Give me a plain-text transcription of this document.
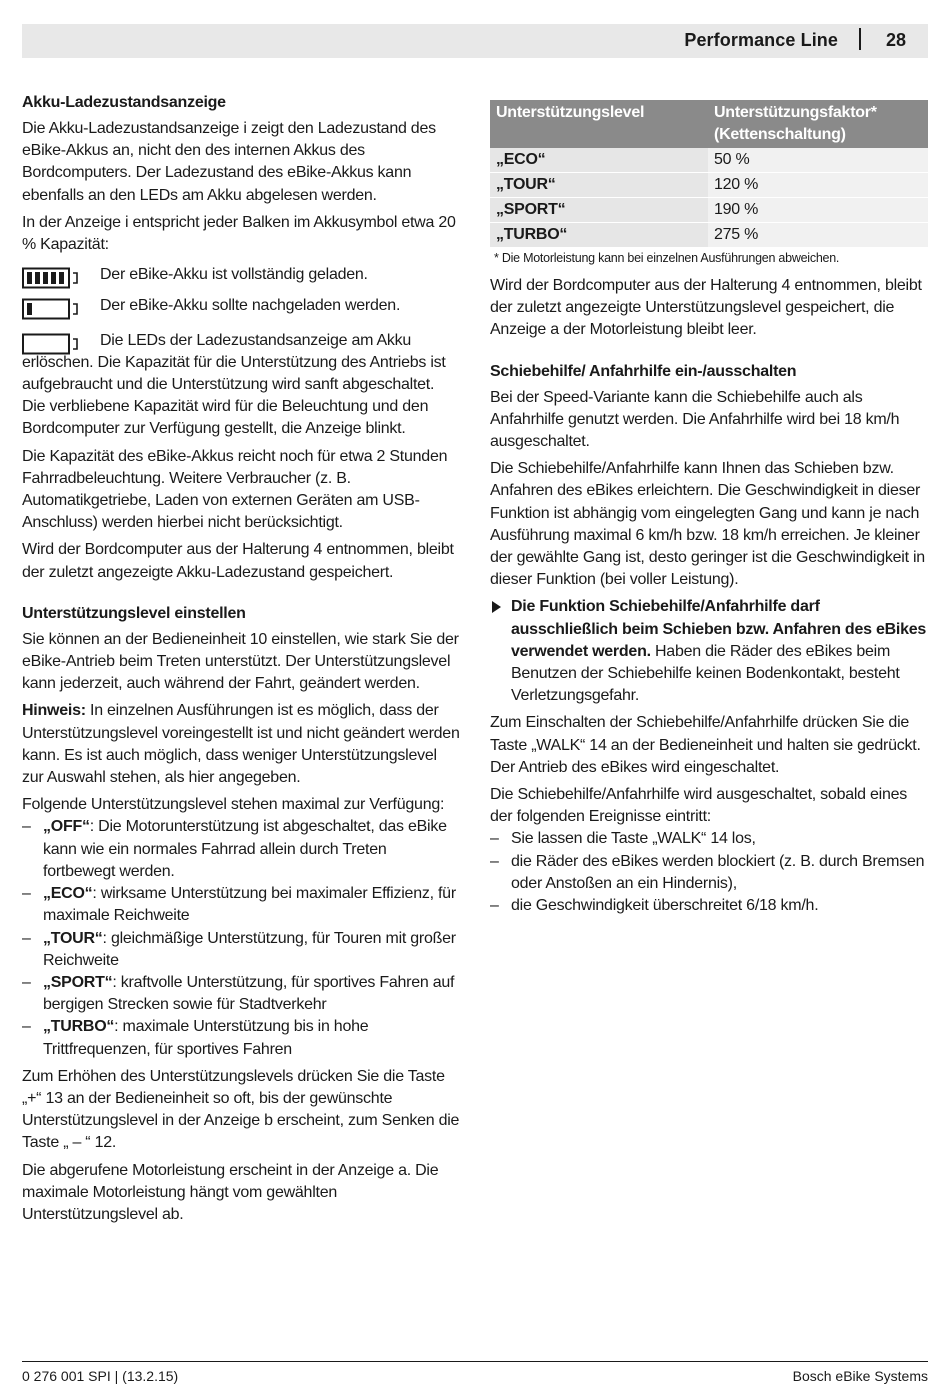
Performance Line	28
Akku-Ladezustandsanzeige

Die Akku-Ladezustandsanzeige i zeigt den Ladezustand des eBike-Akkus an, nicht den des internen Akkus des Bordcomputers. Der Ladezustand des eBike-Akkus kann ebenfalls an den LEDs am Akku abgelesen werden.

In der Anzeige i entspricht jeder Balken im Akkusymbol etwa 20 % Kapazität:

Der eBike-Akku ist vollständig geladen.
Der eBike-Akku sollte nachgeladen werden.

Die LEDs der Ladezustandsanzeige am Akku erlöschen. Die Kapazität für die Unterstützung des Antriebs ist aufgebraucht und die Unterstützung wird sanft abgeschaltet. Die verbliebene Kapazität wird für die Beleuchtung und den Bordcomputer zur Verfügung gestellt, die Anzeige blinkt.

Die Kapazität des eBike-Akkus reicht noch für etwa 2 Stunden Fahrradbeleuchtung. Weitere Verbraucher (z. B. Automatikgetriebe, Laden von externen Geräten am USB-Anschluss) werden hierbei nicht berücksichtigt.

Wird der Bordcomputer aus der Halterung 4 entnommen, bleibt der zuletzt angezeigte Akku-Ladezustand gespeichert.

Unterstützungslevel einstellen

Sie können an der Bedieneinheit 10 einstellen, wie stark Sie der eBike-Antrieb beim Treten unterstützt. Der Unterstützungslevel kann jederzeit, auch während der Fahrt, geändert werden.

Hinweis: In einzelnen Ausführungen ist es möglich, dass der Unterstützungslevel voreingestellt ist und nicht geändert werden kann. Es ist auch möglich, dass weniger Unterstützungslevel zur Auswahl stehen, als hier angegeben.

Folgende Unterstützungslevel stehen maximal zur Verfügung:

– „OFF“: Die Motorunterstützung ist abgeschaltet, das eBike kann wie ein normales Fahrrad allein durch Treten fortbewegt werden.
– „ECO“: wirksame Unterstützung bei maximaler Effizienz, für maximale Reichweite
– „TOUR“: gleichmäßige Unterstützung, für Touren mit großer Reichweite
– „SPORT“: kraftvolle Unterstützung, für sportives Fahren auf bergigen Strecken sowie für Stadtverkehr
– „TURBO“: maximale Unterstützung bis in hohe Trittfrequenzen, für sportives Fahren

Zum Erhöhen des Unterstützungslevels drücken Sie die Taste „+“ 13 an der Bedieneinheit so oft, bis der gewünschte Unterstützungslevel in der Anzeige b erscheint, zum Senken die Taste „ – “ 12.

Die abgerufene Motorleistung erscheint in der Anzeige a. Die maximale Motorleistung hängt vom gewählten Unterstützungslevel ab.

Unterstützungslevel	Unterstützungsfaktor* (Kettenschaltung)
„ECO“	50 %
„TOUR“	120 %
„SPORT“	190 %
„TURBO“	275 %
* Die Motorleistung kann bei einzelnen Ausführungen abweichen.

Wird der Bordcomputer aus der Halterung 4 entnommen, bleibt der zuletzt angezeigte Unterstützungslevel gespeichert, die Anzeige a der Motorleistung bleibt leer.

Schiebehilfe/ Anfahrhilfe ein-/ausschalten

Bei der Speed-Variante kann die Schiebehilfe auch als Anfahrhilfe genutzt werden. Die Anfahrhilfe wird bei 18 km/h ausgeschaltet.

Die Schiebehilfe/Anfahrhilfe kann Ihnen das Schieben bzw. Anfahren des eBikes erleichtern. Die Geschwindigkeit in dieser Funktion ist abhängig vom eingelegten Gang und kann je nach Ausführung maximal 6 km/h bzw. 18 km/h erreichen. Je kleiner der gewählte Gang ist, desto geringer ist die Geschwindigkeit in dieser Funktion (bei voller Leistung).

Die Funktion Schiebehilfe/Anfahrhilfe darf ausschließlich beim Schieben bzw. Anfahren des eBikes verwendet werden. Haben die Räder des eBikes beim Benutzen der Schiebehilfe keinen Bodenkontakt, besteht Verletzungsgefahr.

Zum Einschalten der Schiebehilfe/Anfahrhilfe drücken Sie die Taste „WALK“ 14 an der Bedieneinheit und halten sie gedrückt. Der Antrieb des eBikes wird eingeschaltet.

Die Schiebehilfe/Anfahrhilfe wird ausgeschaltet, sobald eines der folgenden Ereignisse eintritt:

– Sie lassen die Taste „WALK“ 14 los,
– die Räder des eBikes werden blockiert (z. B. durch Bremsen oder Anstoßen an ein Hindernis),
– die Geschwindigkeit überschreitet 6/18 km/h.
0 276 001 SPI | (13.2.15)	Bosch eBike Systems
